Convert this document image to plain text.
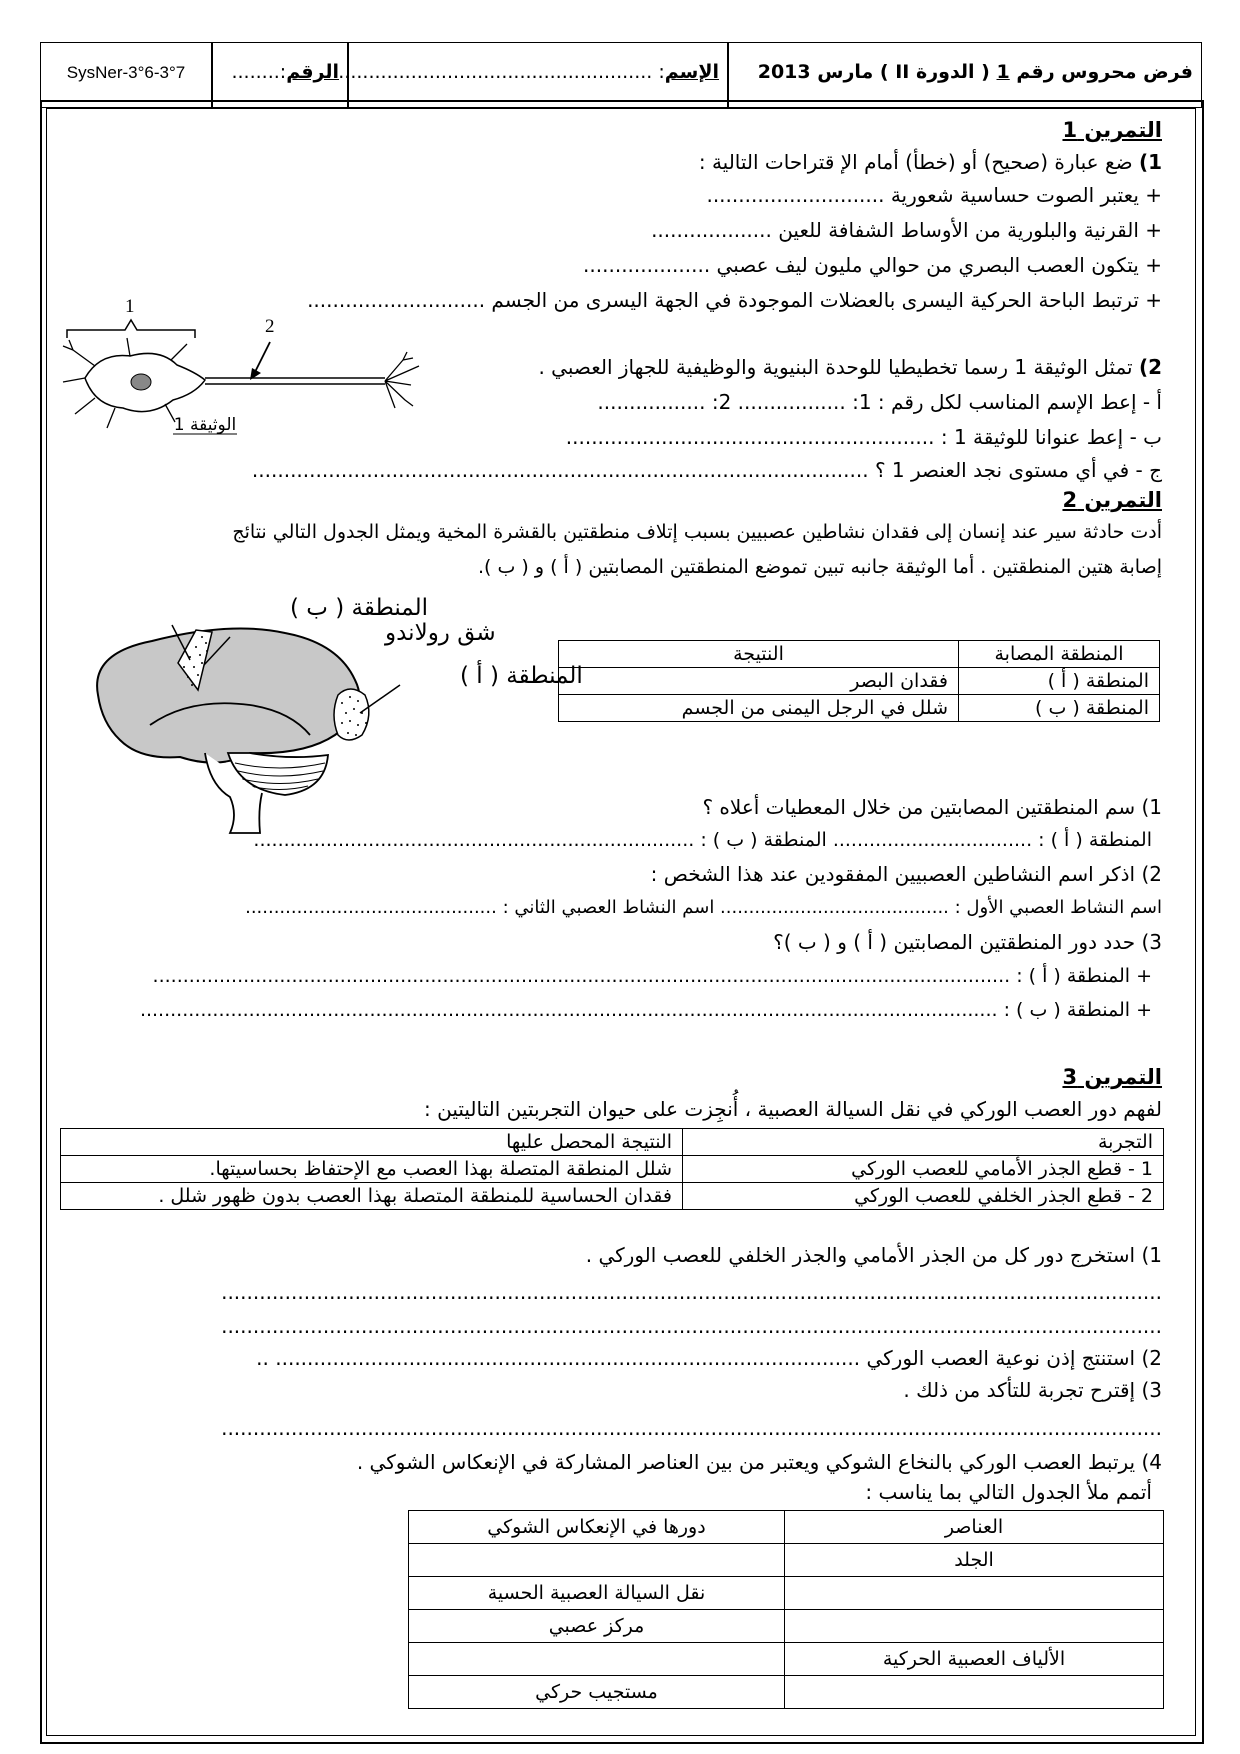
SysNer-3°6-3°7	الرقم:........	الإسم: ......................................................	فرض محروس رقم 1 ( الدورة II ) مارس 2013
التمرين 1
1) ضع عبارة (صحيح) أو (خطأ) أمام الإ قتراحات التالية :
+ يعتبر الصوت حساسية شعورية ............................
+ القرنية والبلورية من الأوساط الشفافة للعين ...................
+ يتكون العصب البصري من حوالي مليون ليف عصبي ....................
+ ترتبط الباحة الحركية اليسرى بالعضلات الموجودة في الجهة اليسرى من الجسم ............................
1
2
الوثيقة 1
2) تمثل الوثيقة 1 رسما تخطيطيا للوحدة البنيوية والوظيفية للجهاز العصبي .
أ - إعط الإسم المناسب لكل رقم : 1: ................. 2: .................
ب - إعط عنوانا للوثيقة 1 : ..........................................................
ج - في أي مستوى نجد العنصر 1 ؟ .................................................................................................
التمرين 2
أدت حادثة سير عند إنسان إلى فقدان نشاطين عصبيين بسبب إتلاف منطقتين بالقشرة المخية ويمثل الجدول التالي نتائج
إصابة هتين المنطقتين . أما الوثيقة جانبه تبين تموضع المنطقتين المصابتين ( أ ) و ( ب ).
المنطقة ( ب )
شق رولاندو
المنطقة ( أ )
المنطقة المصابة	النتيجة
المنطقة ( أ )	فقدان البصر
المنطقة ( ب )	شلل في الرجل اليمنى من الجسم
1) سم المنطقتين المصابتين من خلال المعطيات أعلاه ؟
المنطقة ( أ ) : ................................. المنطقة ( ب ) : .........................................................................
2) اذكر اسم النشاطين العصبيين المفقودين عند هذا الشخص :
اسم النشاط العصبي الأول : ........................................ اسم النشاط العصبي الثاني : ............................................
3) حدد دور المنطقتين المصابتين ( أ ) و ( ب )؟
+ المنطقة ( أ ) : ..............................................................................................................................................
+ المنطقة ( ب ) : ..............................................................................................................................................
التمرين 3
لفهم دور العصب الوركي في نقل السيالة العصبية ، أُنجِزت على حيوان التجربتين التاليتين :
التجربة	النتيجة المحصل عليها
1 - قطع الجذر الأمامي للعصب الوركي	شلل المنطقة المتصلة بهذا العصب مع الإحتفاظ بحساسيتها.
2 - قطع الجذر الخلفي للعصب الوركي	فقدان الحساسية للمنطقة المتصلة بهذا العصب بدون ظهور شلل .
1) استخرج دور كل من الجذر الأمامي والجذر الخلفي للعصب الوركي .
....................................................................................................................................................
....................................................................................................................................................
2) استنتج إذن نوعية العصب الوركي ............................................................................................ ..
3) إقترح تجربة للتأكد من ذلك .
....................................................................................................................................................
4) يرتبط العصب الوركي بالنخاع الشوكي ويعتبر من بين العناصر المشاركة في الإنعكاس الشوكي .
أتمم ملأ الجدول التالي بما يناسب :
العناصر	دورها في الإنعكاس الشوكي
الجلد	
	نقل السيالة العصبية الحسية
	مركز عصبي
الألياف العصبية الحركية	
	مستجيب حركي
